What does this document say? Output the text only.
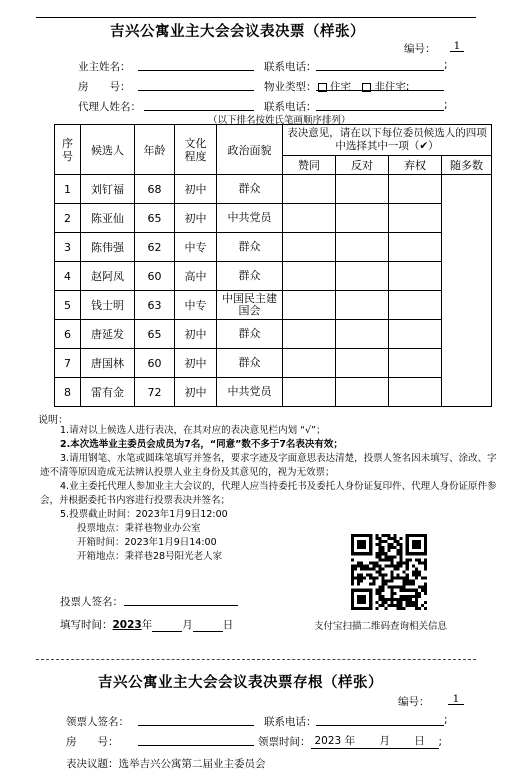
吉兴公寓业主大会会议表决票（样张）
编号：	1
业主姓名：	联系电话：	;
房　　号：	物业类型：	住宅 非住宅;
代理人姓名：	联系电话：	;
（以下排名按姓氏笔画顺序排列）
序号	候选人	年龄	文化程度	政治面貌	表决意见，请在以下每位委员候选人的四项中选择其中一项（✔）			
					赞同	反对	弃权	随多数
1	刘钉福	68	初中	群众				
2	陈亚仙	65	初中	中共党员				
3	陈伟强	62	中专	群众				
4	赵阿凤	60	高中	群众				
5	钱士明	63	中专	中国民主建国会				
6	唐延发	65	初中	群众				
7	唐国林	60	初中	群众				
8	雷有金	72	初中	中共党员				
说明：
1.请对以上候选人进行表决，在其对应的表决意见栏内划 “√”；
2.本次选举业主委员会成员为7名，“同意”数不多于7名表决有效；
3.请用钢笔、水笔或圆珠笔填写并签名，要求字迹及字面意思表达清楚，投票人签名因未填写、涂改、字迹不清等原因造成无法辨认投票人业主身份及其意见的，视为无效票；
4.业主委托代理人参加业主大会议的，代理人应当持委托书及委托人身份证复印件、代理人身份证原件参会，并根据委托书内容进行投票表决并签名；
5.投票截止时间：2023年1月9日12:00
投票地点：秉祥巷物业办公室
开箱时间：2023年1月9日14:00
开箱地点：秉祥巷28号阳光老人家
支付宝扫描二维码查询相关信息
投票人签名：
填写时间：2023年	月	日
吉兴公寓业主大会会议表决票存根（样张）
编号：	1
领票人签名：	联系电话：	;
房　　号：	领票时间： 2023 年　　 月　　 日 ;
表决议题：选举吉兴公寓第二届业主委员会
